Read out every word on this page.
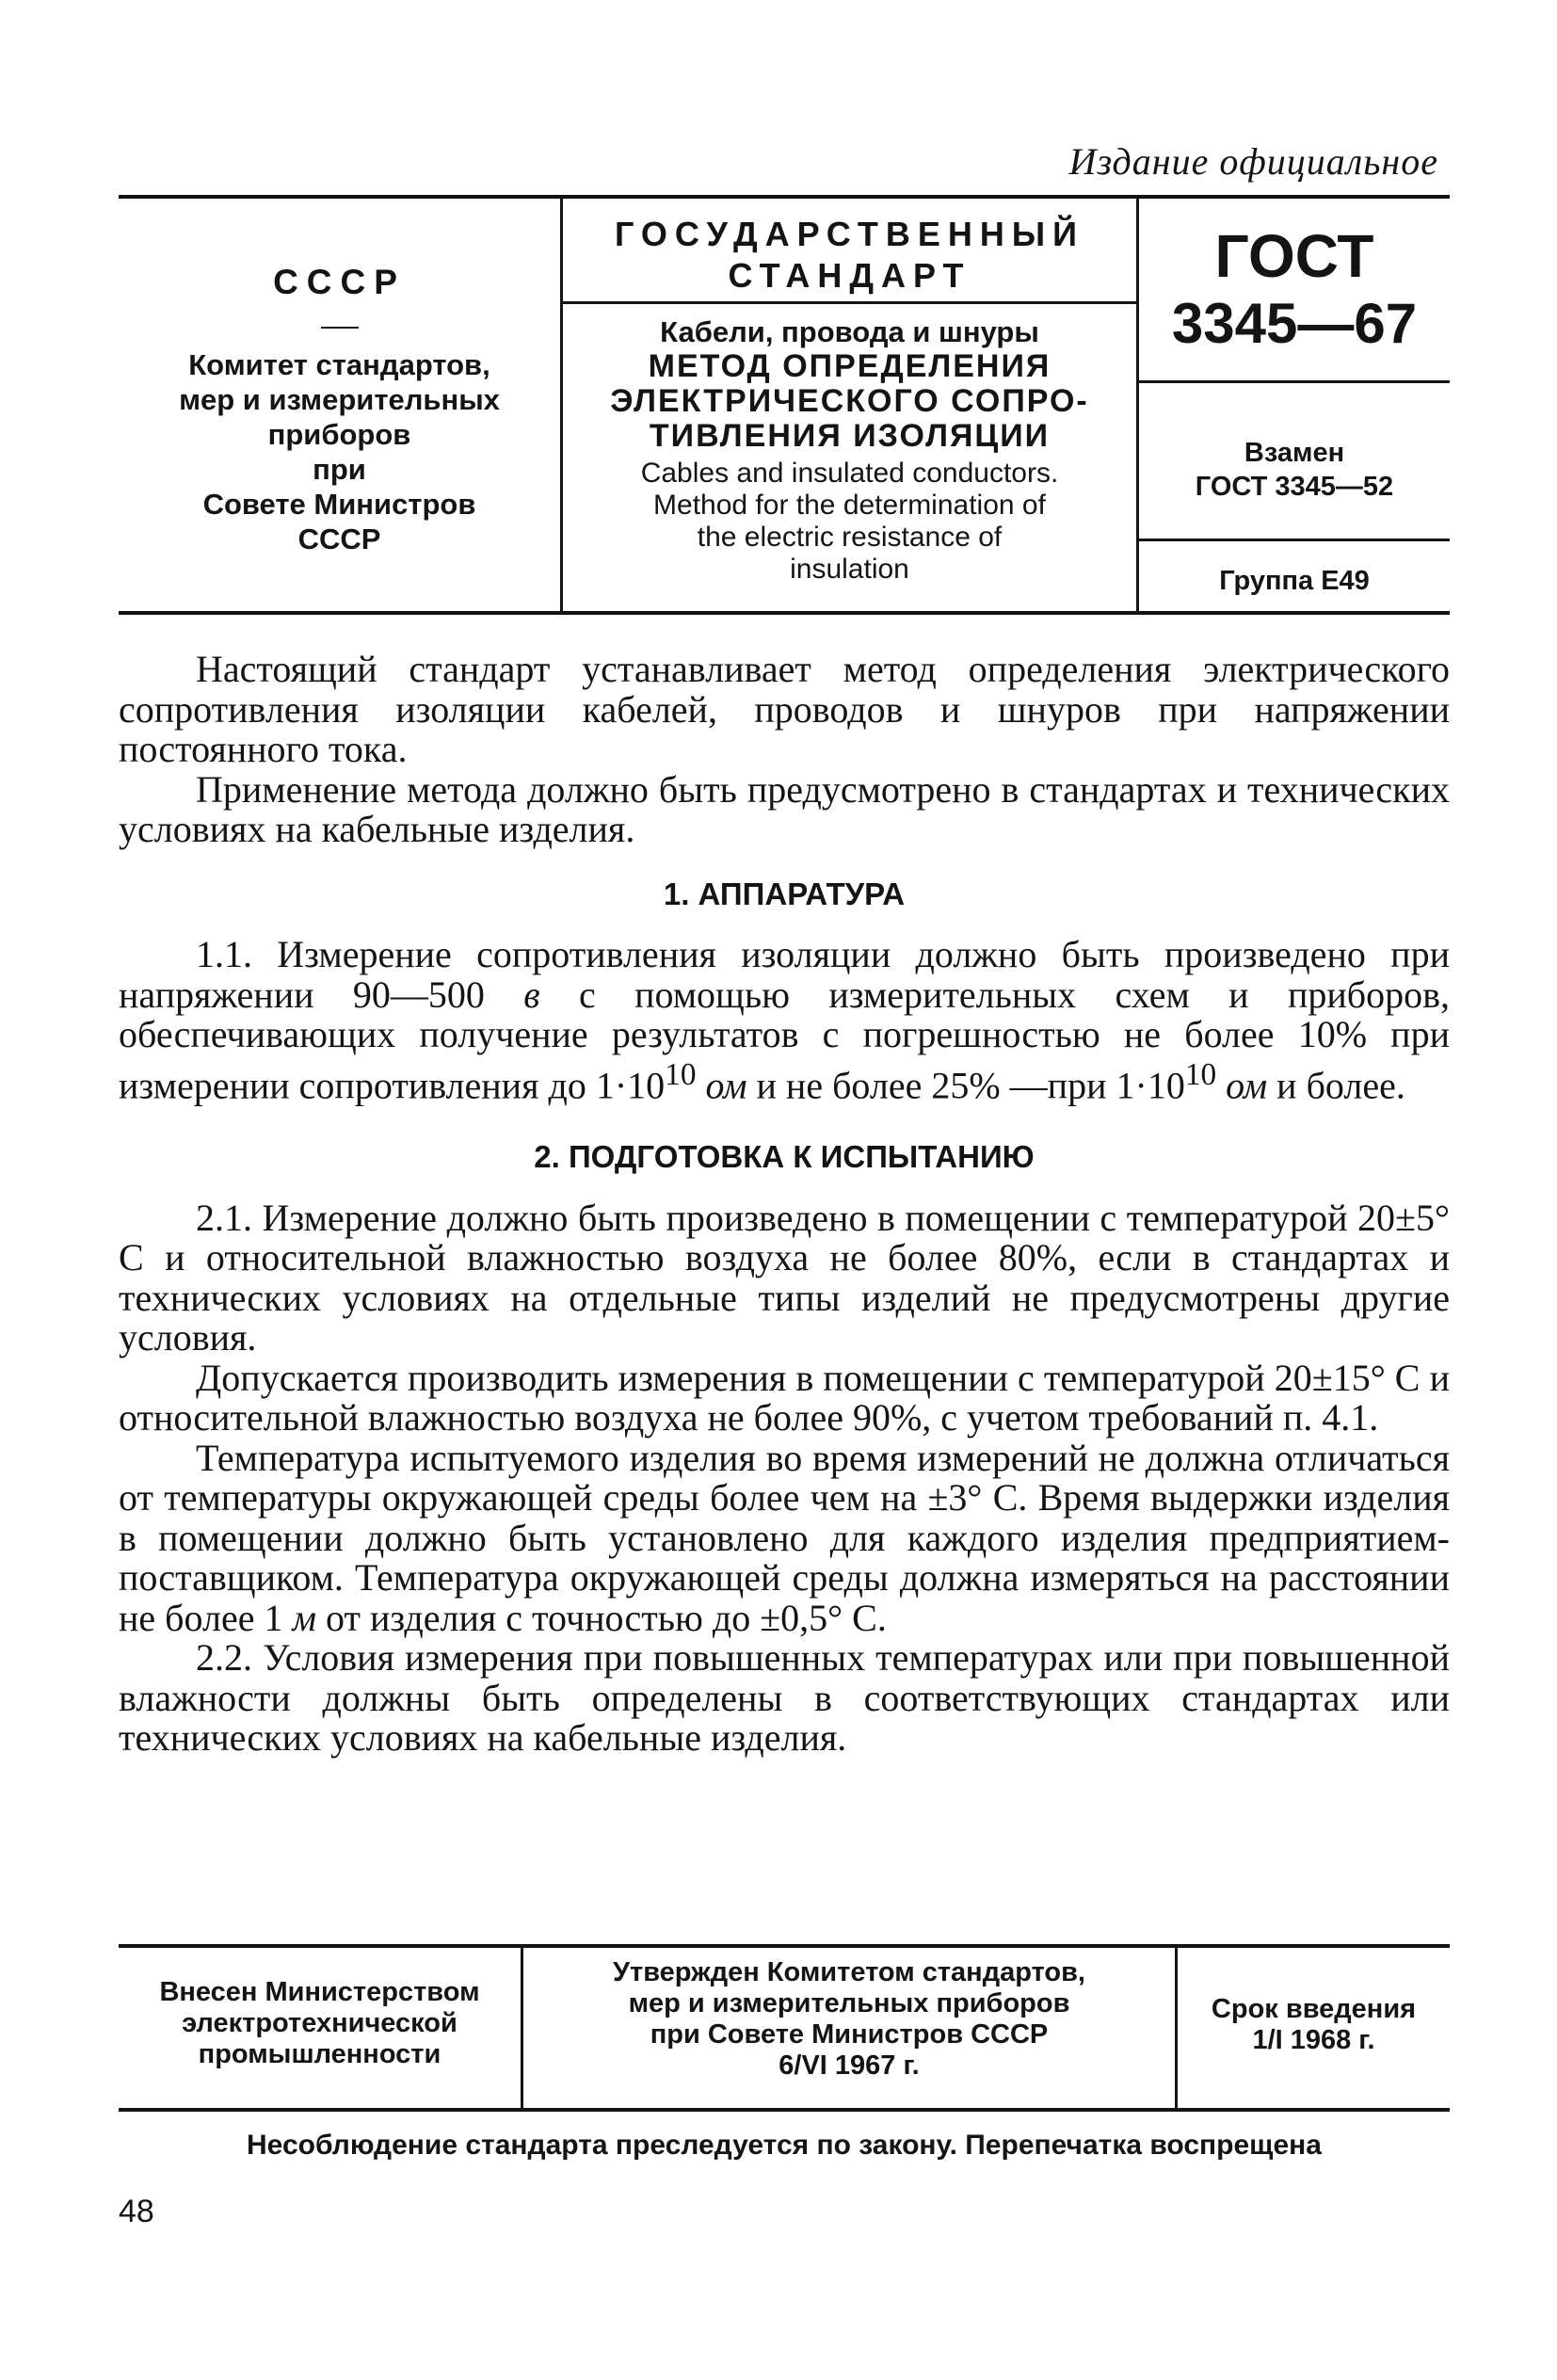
Издание официальное
СССР
Комитет стандартов,
мер и измерительных
приборов
при
Совете Министров
СССР
ГОСУДАРСТВЕННЫЙ
СТАНДАРТ
Кабели, провода и шнуры
МЕТОД ОПРЕДЕЛЕНИЯ
ЭЛЕКТРИЧЕСКОГО СОПРО-
ТИВЛЕНИЯ ИЗОЛЯЦИИ
Cables and insulated conductors.
Method for the determination of
the electric resistance of
insulation
ГОСТ
3345—67
Взамен
ГОСТ 3345—52
Группа Е49

Настоящий стандарт устанавливает метод определения электрического сопротивления изоляции кабелей, проводов и шнуров при напряжении постоянного тока.

Применение метода должно быть предусмотрено в стандартах и технических условиях на кабельные изделия.

1. АППАРАТУРА

1.1. Измерение сопротивления изоляции должно быть произведено при напряжении 90—500 в с помощью измерительных схем и приборов, обеспечивающих получение результатов с погрешностью не более 10% при измерении сопротивления до $1\cdot 10^{10}$ ом и не более 25% —при $1\cdot 10^{10}$ ом и более.

2. ПОДГОТОВКА К ИСПЫТАНИЮ

2.1. Измерение должно быть произведено в помещении с температурой 20±5° С и относительной влажностью воздуха не более 80%, если в стандартах и технических условиях на отдельные типы изделий не предусмотрены другие условия.

Допускается производить измерения в помещении с температурой 20±15° С и относительной влажностью воздуха не более 90%, с учетом требований п. 4.1.

Температура испытуемого изделия во время измерений не должна отличаться от температуры окружающей среды более чем на ±3° С. Время выдержки изделия в помещении должно быть установлено для каждого изделия предприятием-поставщиком. Температура окружающей среды должна измеряться на расстоянии не более 1 м от изделия с точностью до ±0,5° С.

2.2. Условия измерения при повышенных температурах или при повышенной влажности должны быть определены в соответствующих стандартах или технических условиях на кабельные изделия.

Внесен Министерством
электротехнической
промышленности
Утвержден Комитетом стандартов,
мер и измерительных приборов
при Совете Министров СССР
6/VI 1967 г.
Срок введения
1/I 1968 г.
Несоблюдение стандарта преследуется по закону. Перепечатка воспрещена
48
